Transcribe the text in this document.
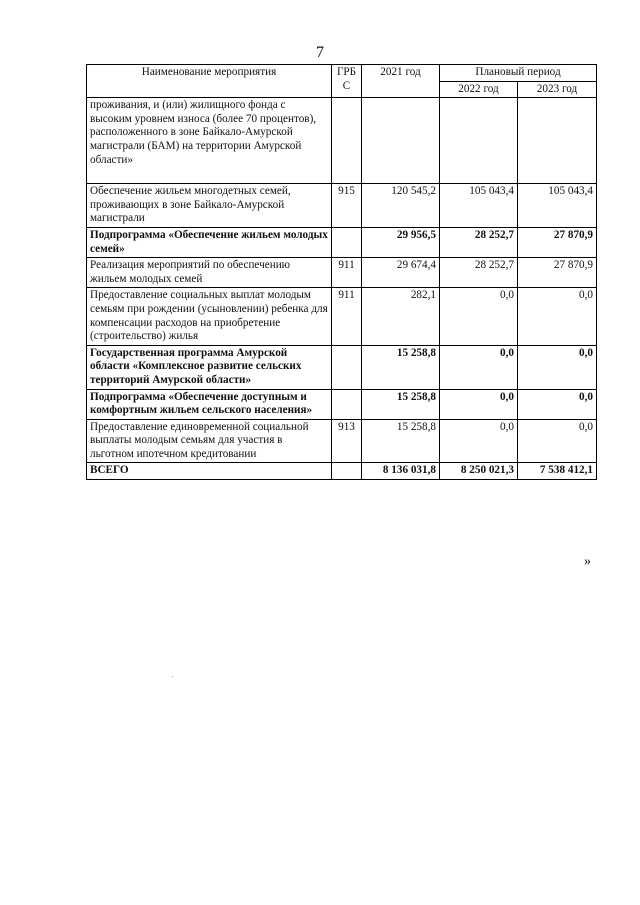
7
Наименование мероприятия	ГРБ С	2021 год	Плановый период	
			2022 год	2023 год
проживания, и (или) жилищного фонда с высоким уровнем износа (более 70 процентов), расположенного в зоне Байкало-Амурской магистрали (БАМ) на территории Амурской области»				
Обеспечение жильем многодетных семей, проживающих в зоне Байкало-Амурской магистрали	915	120 545,2	105 043,4	105 043,4
Подпрограмма «Обеспечение жильем молодых семей»		29 956,5	28 252,7	27 870,9
Реализация мероприятий по обеспечению жильем молодых семей	911	29 674,4	28 252,7	27 870,9
Предоставление социальных выплат молодым семьям при рождении (усыновлении) ребенка для компенсации расходов на приобретение (строительство) жилья	911	282,1	0,0	0,0
Государственная программа Амурской области «Комплексное развитие сельских территорий Амурской области»		15 258,8	0,0	0,0
Подпрограмма «Обеспечение доступным и комфортным жильем сельского населения»		15 258,8	0,0	0,0
Предоставление единовременной социальной выплаты молодым семьям для участия в льготном ипотечном кредитовании	913	15 258,8	0,0	0,0
ВСЕГО		8 136 031,8	8 250 021,3	7 538 412,1
»
